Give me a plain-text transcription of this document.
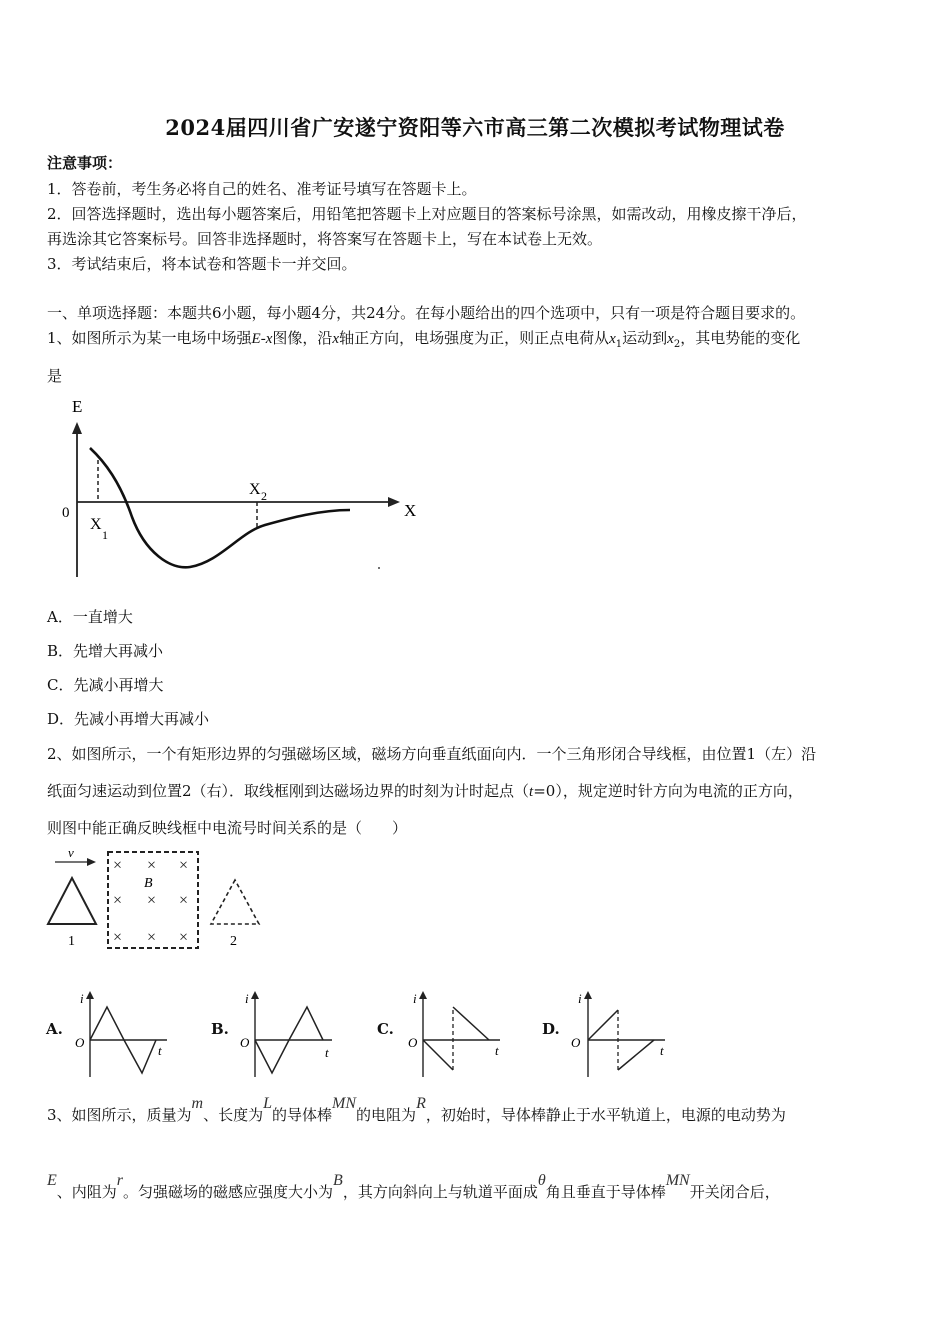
2024届四川省广安遂宁资阳等六市高三第二次模拟考试物理试卷
注意事项：
1．答卷前，考生务必将自己的姓名、准考证号填写在答题卡上。
2．回答选择题时，选出每小题答案后，用铅笔把答题卡上对应题目的答案标号涂黑，如需改动，用橡皮擦干净后，
再选涂其它答案标号。回答非选择题时，将答案写在答题卡上，写在本试卷上无效。
3．考试结束后，将本试卷和答题卡一并交回。
一、单项选择题：本题共6小题，每小题4分，共24分。在每小题给出的四个选项中，只有一项是符合题目要求的。
1、如图所示为某一电场中场强E-x图像，沿x轴正方向，电场强度为正，则正点电荷从$x_1$运动到$x_2$，其电势能的变化
是
E
X
0
X
1
X 2
A．一直增大
B．先增大再减小
C．先减小再增大
D．先减小再增大再减小
2、如图所示，一个有矩形边界的匀强磁场区域，磁场方向垂直纸面向内．一个三角形闭合导线框，由位置1（左）沿
纸面匀速运动到位置2（右）．取线框刚到达磁场边界的时刻为计时起点（t=0），规定逆时针方向为电流的正方向，
则图中能正确反映线框中电流号时间关系的是（　　）
v
1
× × ×
× × ×
× × ×
B
2
A.
i
O
t
B.
i
O
t
C.
i
O
t
D.
i
O
t
3、如图所示，质量为m、长度为L的导体棒MN的电阻为R，初始时，导体棒静止于水平轨道上，电源的电动势为
E、内阻为r。匀强磁场的磁感应强度大小为B，其方向斜向上与轨道平面成θ角且垂直于导体棒MN开关闭合后，
